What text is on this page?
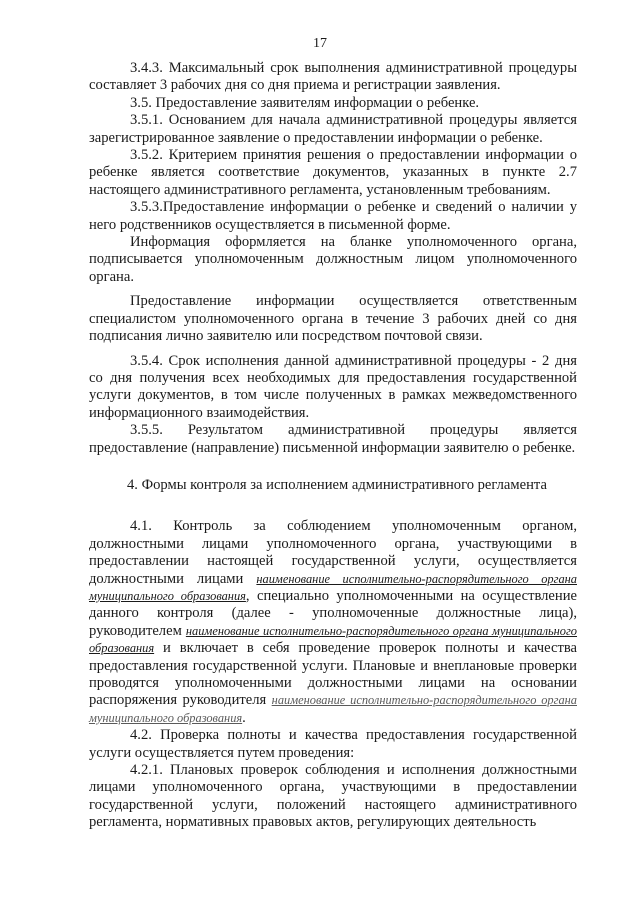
17

3.4.3. Максимальный срок выполнения административной процедуры составляет 3 рабочих дня со дня приема и регистрации заявления.

3.5. Предоставление заявителям информации о ребенке.

3.5.1. Основанием для начала административной процедуры является зарегистрированное заявление о предоставлении информации о ребенке.

3.5.2. Критерием принятия решения о предоставлении информации о ребенке является соответствие документов, указанных в пункте 2.7 настоящего административного регламента, установленным требованиям.

3.5.3.Предоставление информации о ребенке и сведений о наличии у него родственников осуществляется в письменной форме.

Информация оформляется на бланке уполномоченного органа, подписывается уполномоченным должностным лицом уполномоченного органа.

Предоставление информации осуществляется ответственным специалистом уполномоченного органа в течение 3 рабочих дней со дня подписания лично заявителю или посредством почтовой связи.

3.5.4. Срок исполнения данной административной процедуры - 2 дня со дня получения всех необходимых для предоставления государственной услуги документов, в том числе полученных в рамках межведомственного информационного взаимодействия.

3.5.5. Результатом административной процедуры является предоставление (направление) письменной информации заявителю о ребенке.

4. Формы контроля за исполнением административного регламента

4.1. Контроль за соблюдением уполномоченным органом, должностными лицами уполномоченного органа, участвующими в предоставлении настоящей государственной услуги, осуществляется должностными лицами наименование исполнительно-распорядительного органа муниципального образования, специально уполномоченными на осуществление данного контроля (далее - уполномоченные должностные лица), руководителем наименование исполнительно-распорядительного органа муниципального образования и включает в себя проведение проверок полноты и качества предоставления государственной услуги. Плановые и внеплановые проверки проводятся уполномоченными должностными лицами на основании распоряжения руководителя наименование исполнительно-распорядительного органа муниципального образования.

4.2. Проверка полноты и качества предоставления государственной услуги осуществляется путем проведения:

4.2.1. Плановых проверок соблюдения и исполнения должностными лицами уполномоченного органа, участвующими в предоставлении государственной услуги, положений настоящего административного регламента, нормативных правовых актов, регулирующих деятельность
